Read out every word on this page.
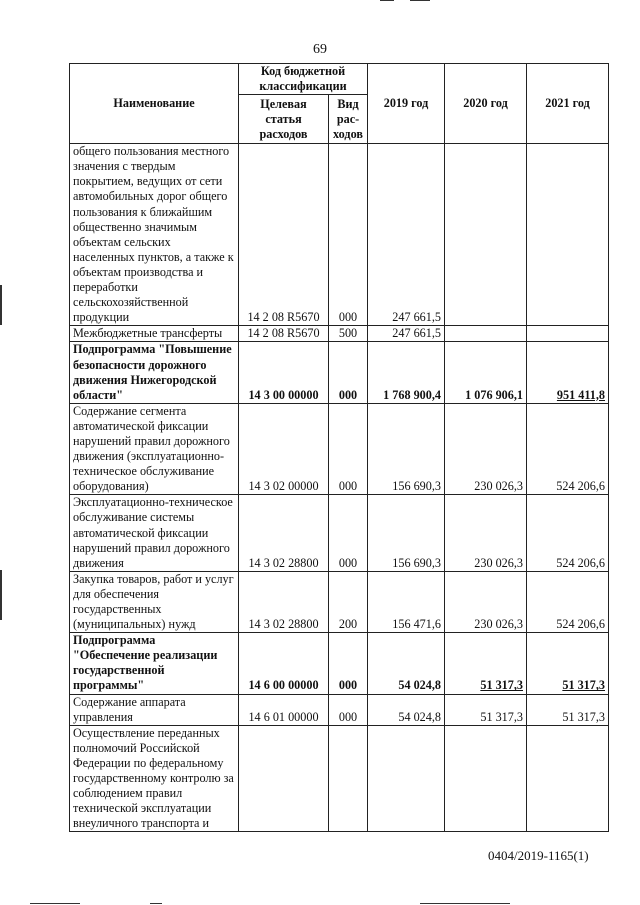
69
Наименование	Код бюджетной классификации		2019 год	2020 год	2021 год
	Целевая статья расходов	Вид рас-ходов			
общего пользования местного значения с твердым покрытием, ведущих от сети автомобильных дорог общего пользования к ближайшим общественно значимым объектам сельских населенных пунктов, а также к объектам производства и переработки сельскохозяйственной продукции	14 2 08 R5670	000	247 661,5		
Межбюджетные трансферты	14 2 08 R5670	500	247 661,5		
Подпрограмма "Повышение безопасности дорожного движения Нижегородской области"	14 3 00 00000	000	1 768 900,4	1 076 906,1	951 411,8
Содержание сегмента автоматической фиксации нарушений правил дорожного движения (эксплуатационно-техническое обслуживание оборудования)	14 3 02 00000	000	156 690,3	230 026,3	524 206,6
Эксплуатационно-техническое обслуживание системы автоматической фиксации нарушений правил дорожного движения	14 3 02 28800	000	156 690,3	230 026,3	524 206,6
Закупка товаров, работ и услуг для обеспечения государственных (муниципальных) нужд	14 3 02 28800	200	156 471,6	230 026,3	524 206,6
Подпрограмма "Обеспечение реализации государственной программы"	14 6 00 00000	000	54 024,8	51 317,3	51 317,3
Содержание аппарата управления	14 6 01 00000	000	54 024,8	51 317,3	51 317,3
Осуществление переданных полномочий Российской Федерации по федеральному государственному контролю за соблюдением правил технической эксплуатации внеуличного транспорта и					
0404/2019-1165(1)
